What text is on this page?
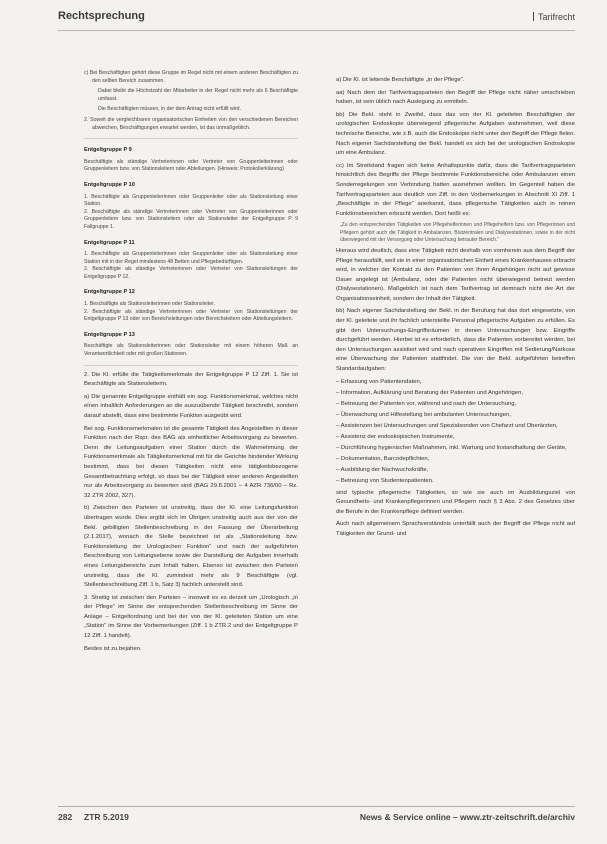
Rechtsprechung	Tarifrecht

c) Bei Beschäftigten gehört diese Gruppe im Regel nicht mit einem anderen Beschäftigten zu den selben Bereich zusammen.

Dabei bleibt die Höchstzahl der Mitarbeiter in der Regel nicht mehr als 6 Beschäftigte umfasst.

Die Beschäftigten müssen, in der dem Antrag nicht erfüllt wird.

2. Soweit die vergleichbaren organisatorischen Einheiten von den verschiedenen Bereichen abweichen, Beschäftigungen erwartet werden, ist das unmaßgeblich.

Entgeltgruppe P 9

Beschäftigte als ständige Vertreterinnen oder Vertreter von Gruppenleiterinnen oder Gruppenleitern bzw. von Stationsleitern oder Abteilungen. (Hinweis: Protokollerklärung)

Entgeltgruppe P 10

1. Beschäftigte als Gruppenleiterinnen oder Gruppenleiter oder als Stationsleitung einer Station.
2. Beschäftigte als ständige Vertreterinnen oder Vertreter von Gruppenleiterinnen oder Gruppenleitern bzw. von Stationsleitern oder als Stationsleiter der Entgeltgruppe P 9 Fallgruppe 1.

Entgeltgruppe P 11

1. Beschäftigte als Gruppenleiterinnen oder Gruppenleiter oder als Stationsleitung einer Station mit in der Regel mindestens 48 Betten und Pflegebedürftigen.
2. Beschäftigte als ständige Vertreterinnen oder Vertreter von Stationsleitungen der Entgeltgruppe P 12.

Entgeltgruppe P 12

1. Beschäftigte als Stationsleiterinnen oder Stationsleiter.
2. Beschäftigte als ständige Vertreterinnen oder Vertreter von Stationsleitungen der Entgeltgruppe P 13 oder von Bereichsleitungen oder Bereichsleitern oder Abteilungsleitern.

Entgeltgruppe P 13

Beschäftigte als Stationsleiterinnen oder Stationsleiter mit einem höheren Maß an Verantwortlichkeit oder mit großen Stationen.

2. Die Kl. erfülle die Tätigkeitsmerkmale der Entgeltgruppe P 12 Ziff. 1. Sie ist Beschäftigte als Stationsleiterin.

a) Die genannte Entgeltgruppe enthält ein sog. Funktionsmerkmal, welches nicht einen inhaltlich Anforderungen an die auszuübende Tätigkeit beschreibt, sondern darauf abstellt, dass eine bestimmte Funktion ausgeübt wird.

Bei sog. Funktionsmerkmalen ist die gesamte Tätigkeit des Angestellten in dieser Funktion nach der Rspr. des BAG als einheitlicher Arbeitsvorgang zu bewerten. Denn die Leitungsaufgaben einer Station durch die Wahrnehmung der Funktionsmerkmale als Tätigkeitsmerkmal mit für die Gerichte bindender Wirkung bestimmt, dass bei diesen Tätigkeiten nicht eine tätigkeitsbezogene Gesamtbetrachtung erfolgt, so dass bei der Tätigkeit einer anderen Angestellten nur als Arbeitsvorgang zu bewerten sind (BAG 29.8.2001 – 4 AZR 736/00 – Rz. 32 ZTR 2002, 327).

b) Zwischen den Parteien ist unstreitig, dass der Kl. eine Leitungsfunktion übertragen wurde. Dies ergibt sich im Übrigen unstreitig auch aus der von der Bekl. gebilligten Stellenbeschreibung in der Fassung der Überarbeitung (2.1.2017), wonach die Stelle bezeichnet ist als „Stationsleitung bzw. Funktionsleitung der Urologischen Funktion“ und nach der aufgeführten Beschreibung von Leitungsebene sowie der Darstellung der Aufgaben innerhalb eines Leitungsbereichs zum Inhalt haben. Ebenso ist zwischen den Parteien unstreitig, dass die Kl. zumindest mehr als 9 Beschäftigte (vgl. Stellenbeschreibung Ziff. 1 b, Satz 3) fachlich unterstellt sind.

3. Streitig ist zwischen den Parteien – insoweit es es derzeit um „Urologisch „in der Pflege“ im Sinne der entsprechenden Stellenbeschreibung im Sinne der Anlage – Entgeltordnung und bei der von der Kl. geleiteten Station um eine „Station“ im Sinne der Vorbemerkungen (Ziff. 1 b ZTR 2 und der Entgeltgruppe P 12 Ziff. 1 handelt).

Beides ist zu bejahen.

a) Die Kl. ist leitende Beschäftigte „in der Pflege“.

aa) Nach dem der Tarifvertragsparteien den Begriff der Pflege nicht näher umschrieben haben, ist sein üblich nach Auslegung zu ermitteln.

bb) Die Bekl. steht in Zweifel, dass das von der Kl. geleiteten Beschäftigten der urologischen Endoskopie überwiegend pflegerische Aufgaben wahrnehmen, weil diese technische Bereiche, wie z.B. auch die Endoskopie nicht unter den Begriff der Pflege fielen. Nach eigener Sachdarstellung der Bekl. handelt es sich bei der urologischen Endoskopie um eine Ambulanz.

cc) Im Streitstand fragen sich keine Anhaltspunkte dafür, dass die Tarifvertragsparteien hinsichtlich des Begriffs der Pflege bestimmte Funktionsbereiche oder Ambulanzen einen Sonderregelungen von Verbindung hatten ausnehmen wollten. Im Gegenteil haben die Tarifvertragsparteien aus deutlich von Ziff. in den Vorbemerkungen in Abschnitt XI Ziff. 1 „Beschäftigte in der Pflege“ anerkannt, dass pflegerische Tätigkeiten auch in reinen Funktionsbereichen erbracht werden. Dort heißt es:

„Zu den entsprechenden Tätigkeiten von Pflegehelferinnen und Pflegehelfern bzw. von Pflegerinnen und Pflegern gehört auch die Tätigkeit in Ambulanzen, Blutzentralen und Dialysestationen, sowie in der nicht überwiegend mit der Versorgung oder Untersuchung betrauter Bereich.“

Hieraus wird deutlich, dass eine Tätigkeit nicht deshalb von vornherein aus dem Begriff der Pflege herausfällt, weil sie in einer organisatorischen Einheit eines Krankenhauses erbracht wird, in welcher der Kontakt zu den Patienten von ihren Angehörigen nicht auf gewisse Dauer angelegt ist (Ambulanz, oder die Patienten nicht überwiegend betreut werden (Dialysestationen). Maßgeblich ist nach dem Tarifvertrag ist demnach nicht der Art der Organisationseinheit, sondern der Inhalt der Tätigkeit.

bb) Nach eigener Sachdarstellung der Bekl. in der Berufung hat das dort eingesetzte, von der Kl. geleitete und ihr fachlich unterstellte Personal pflegerische Aufgaben zu erfüllen. Es gibt den Untersuchungs-Eingriffsräumen in denen Untersuchungen bzw. Eingriffe durchgeführt werden. Hierbei ist es erforderlich, dass die Patienten vorbereitet werden, bei den Untersuchungen assistiert wird und nach operativen Eingriffen mit Sedierung/Narkose eine Überwachung der Patienten stattfindet. Die von der Bekl. aufgeführten betreffen Standardaufgaben:

– Erfassung von Patientendaten,

– Information, Aufklärung und Beratung der Patienten und Angehörigen,

– Betreuung der Patienten vor, während und nach der Untersuchung,

– Überwachung und Hilfestellung bei ambulanten Untersuchungen,

– Assistenzen bei Untersuchungen und Spezialsonden von Chefarzt und Oberärzten,

– Assistenz der endoskopischen Instrumente,

– Durchführung hygienischer Maßnahmen, inkl. Wartung und Instandhaltung der Geräte,

– Dokumentation, Barcodepflichten,

– Ausbildung der Nachwuchskräfte,

– Betreuung von Studentenpatienten.

sind typische pflegerische Tätigkeiten, so wie sie auch im Ausbildungsziel von Gesundheits- und Krankenpflegerinnen und Pflegern nach § 3 Abs. 2 des Gesetzes über die Berufe in der Krankenpflege definiert werden.

Auch nach allgemeinem Sprachverständnis unterfällt auch der Begriff der Pflege nicht auf Tätigkeiten der Grund- und

282 ZTR 5.2019	News & Service online – www.ztr-zeitschrift.de/archiv
